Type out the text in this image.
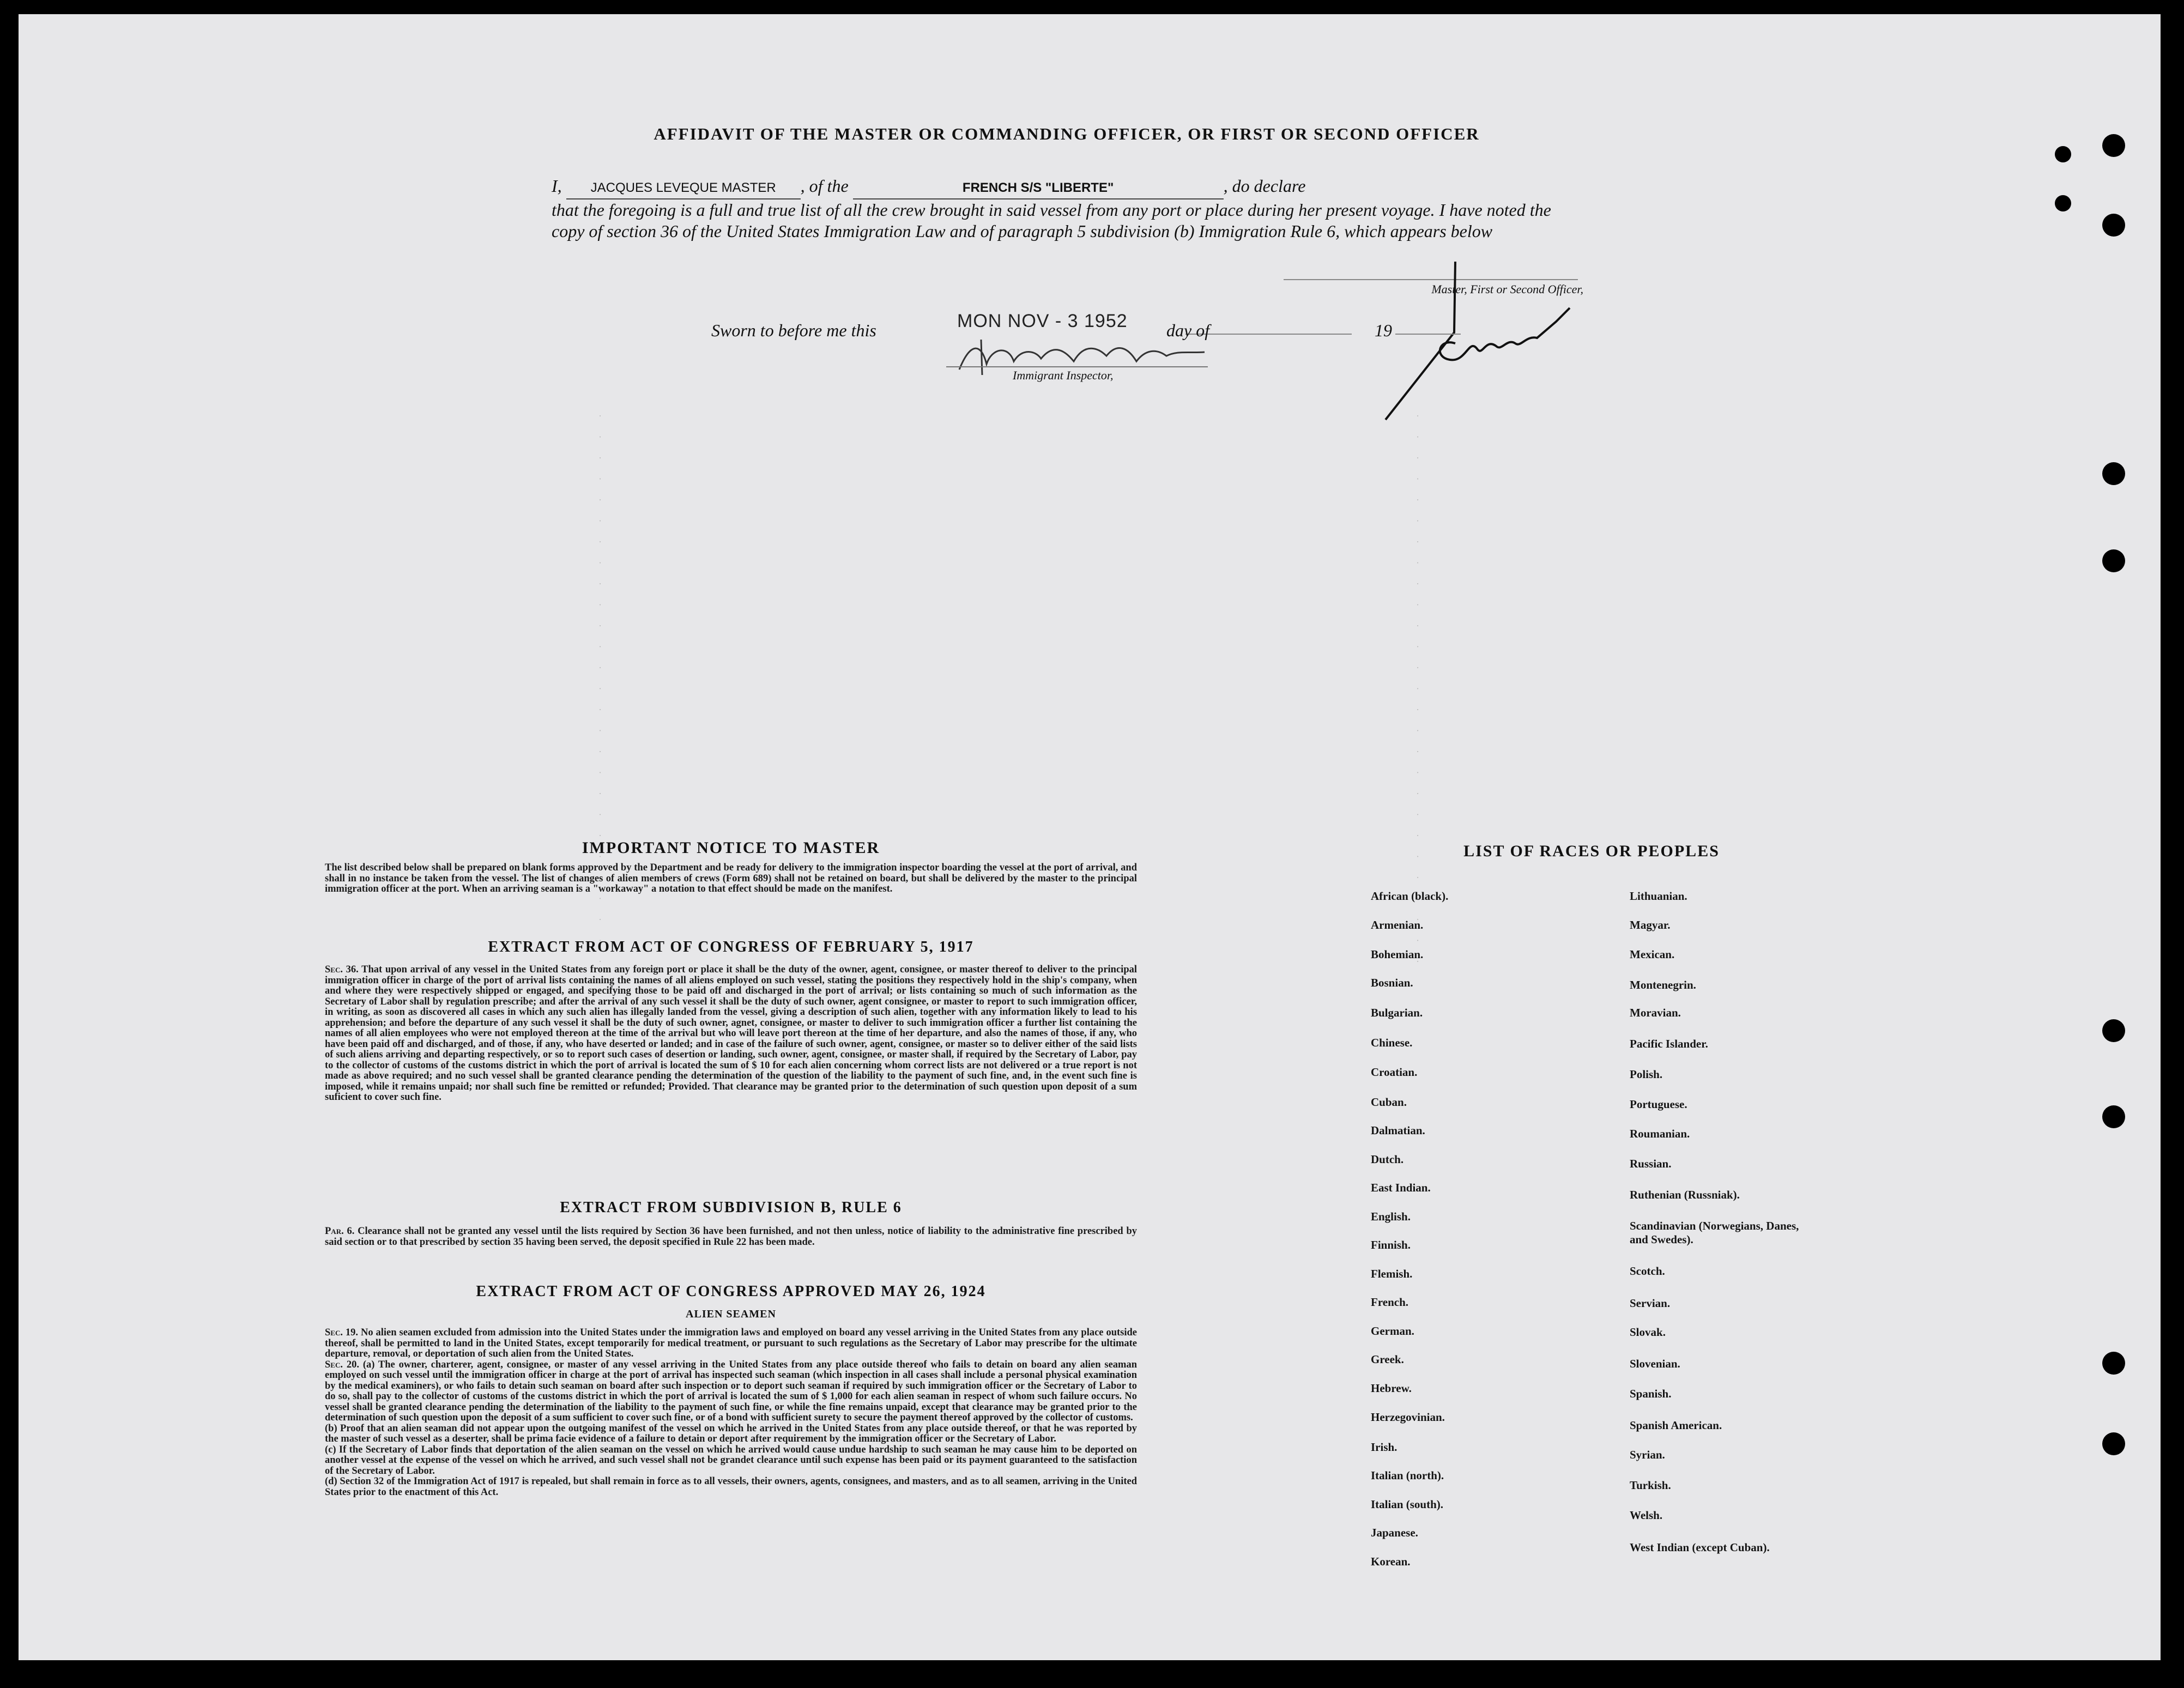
AFFIDAVIT OF THE MASTER OR COMMANDING OFFICER, OR FIRST OR SECOND OFFICER
I, JACQUES LEVEQUE MASTER , of the	FRENCH S/S "LIBERTE"	, do declare
that the foregoing is a full and true list of all the crew brought in said vessel from any port or place during her present voyage. I have noted the copy of section 36 of the United States Immigration Law and of paragraph 5 subdivision (b) Immigration Rule 6, which appears below
Master, First or Second Officer,
Sworn to before me this	MON NOV - 3 1952 day of	19
Immigrant Inspector,
· · · · · · · · · · · · · · · · · · · · · · · · · · ·	· · · · · · · · · · · · · · · · · · · · · · · · · · ·
IMPORTANT NOTICE TO MASTER
The list described below shall be prepared on blank forms approved by the Department and be ready for delivery to the immigration inspector boarding the vessel at the port of arrival, and shall in no instance be taken from the vessel. The list of changes of alien members of crews (Form 689) shall not be retained on board, but shall be delivered by the master to the principal immigration officer at the port. When an arriving seaman is a "workaway" a notation to that effect should be made on the manifest.
EXTRACT FROM ACT OF CONGRESS OF FEBRUARY 5, 1917
Sec. 36. That upon arrival of any vessel in the United States from any foreign port or place it shall be the duty of the owner, agent, consignee, or master thereof to deliver to the principal immigration officer in charge of the port of arrival lists containing the names of all aliens employed on such vessel, stating the positions they respectively hold in the ship's company, when and where they were respectively shipped or engaged, and specifying those to be paid off and discharged in the port of arrival; or lists containing so much of such information as the Secretary of Labor shall by regulation prescribe; and after the arrival of any such vessel it shall be the duty of such owner, agent consignee, or master to report to such immigration officer, in writing, as soon as discovered all cases in which any such alien has illegally landed from the vessel, giving a description of such alien, together with any information likely to lead to his apprehension; and before the departure of any such vessel it shall be the duty of such owner, agnet, consignee, or master to deliver to such immigration officer a further list containing the names of all alien employees who were not employed thereon at the time of the arrival but who will leave port thereon at the time of her departure, and also the names of those, if any, who have been paid off and discharged, and of those, if any, who have deserted or landed; and in case of the failure of such owner, agent, consignee, or master so to deliver either of the said lists of such aliens arriving and departing respectively, or so to report such cases of desertion or landing, such owner, agent, consignee, or master shall, if required by the Secretary of Labor, pay to the collector of customs of the customs district in which the port of arrival is located the sum of $ 10 for each alien concerning whom correct lists are not delivered or a true report is not made as above required; and no such vessel shall be granted clearance pending the determination of the question of the liability to the payment of such fine, and, in the event such fine is imposed, while it remains unpaid; nor shall such fine be remitted or refunded; Provided. That clearance may be granted prior to the determination of such question upon deposit of a sum suficient to cover such fine.
EXTRACT FROM SUBDIVISION B, RULE 6
Par. 6. Clearance shall not be granted any vessel until the lists required by Section 36 have been furnished, and not then unless, notice of liability to the administrative fine prescribed by said section or to that prescribed by section 35 having been served, the deposit specified in Rule 22 has been made.
EXTRACT FROM ACT OF CONGRESS APPROVED MAY 26, 1924
ALIEN SEAMEN
Sec. 19. No alien seamen excluded from admission into the United States under the immigration laws and employed on board any vessel arriving in the United States from any place outside thereof, shall be permitted to land in the United States, except temporarily for medical treatment, or pursuant to such regulations as the Secretary of Labor may prescribe for the ultimate departure, removal, or deportation of such alien from the United States.
Sec. 20. (a) The owner, charterer, agent, consignee, or master of any vessel arriving in the United States from any place outside thereof who fails to detain on board any alien seaman employed on such vessel until the immigration officer in charge at the port of arrival has inspected such seaman (which inspection in all cases shall include a personal physical examination by the medical examiners), or who fails to detain such seaman on board after such inspection or to deport such seaman if required by such immigration officer or the Secretary of Labor to do so, shall pay to the collector of customs of the customs district in which the port of arrival is located the sum of $ 1,000 for each alien seaman in respect of whom such failure occurs. No vessel shall be granted clearance pending the determination of the liability to the payment of such fine, or while the fine remains unpaid, except that clearance may be granted prior to the determination of such question upon the deposit of a sum sufficient to cover such fine, or of a bond with sufficient surety to secure the payment thereof approved by the collector of customs.
(b) Proof that an alien seaman did not appear upon the outgoing manifest of the vessel on which he arrived in the United States from any place outside thereof, or that he was reported by the master of such vessel as a deserter, shall be prima facie evidence of a failure to detain or deport after requirement by the immigration officer or the Secretary of Labor.
(c) If the Secretary of Labor finds that deportation of the alien seaman on the vessel on which he arrived would cause undue hardship to such seaman he may cause him to be deported on another vessel at the expense of the vessel on which he arrived, and such vessel shall not be grandet clearance until such expense has been paid or its payment guaranteed to the satisfaction of the Secretary of Labor.
(d) Section 32 of the Immigration Act of 1917 is repealed, but shall remain in force as to all vessels, their owners, agents, consignees, and masters, and as to all seamen, arriving in the United States prior to the enactment of this Act.
LIST OF RACES OR PEOPLES
African (black).
Armenian.
Bohemian.
Bosnian.
Bulgarian.
Chinese.
Croatian.
Cuban.
Dalmatian.
Dutch.
East Indian.
English.
Finnish.
Flemish.
French.
German.
Greek.
Hebrew.
Herzegovinian.
Irish.
Italian (north).
Italian (south).
Japanese.
Korean.
Lithuanian.
Magyar.
Mexican.
Montenegrin.
Moravian.
Pacific Islander.
Polish.
Portuguese.
Roumanian.
Russian.
Ruthenian (Russniak).
Scandinavian (Norwegians, Danes, and Swedes).
Scotch.
Servian.
Slovak.
Slovenian.
Spanish.
Spanish American.
Syrian.
Turkish.
Welsh.
West Indian (except Cuban).
